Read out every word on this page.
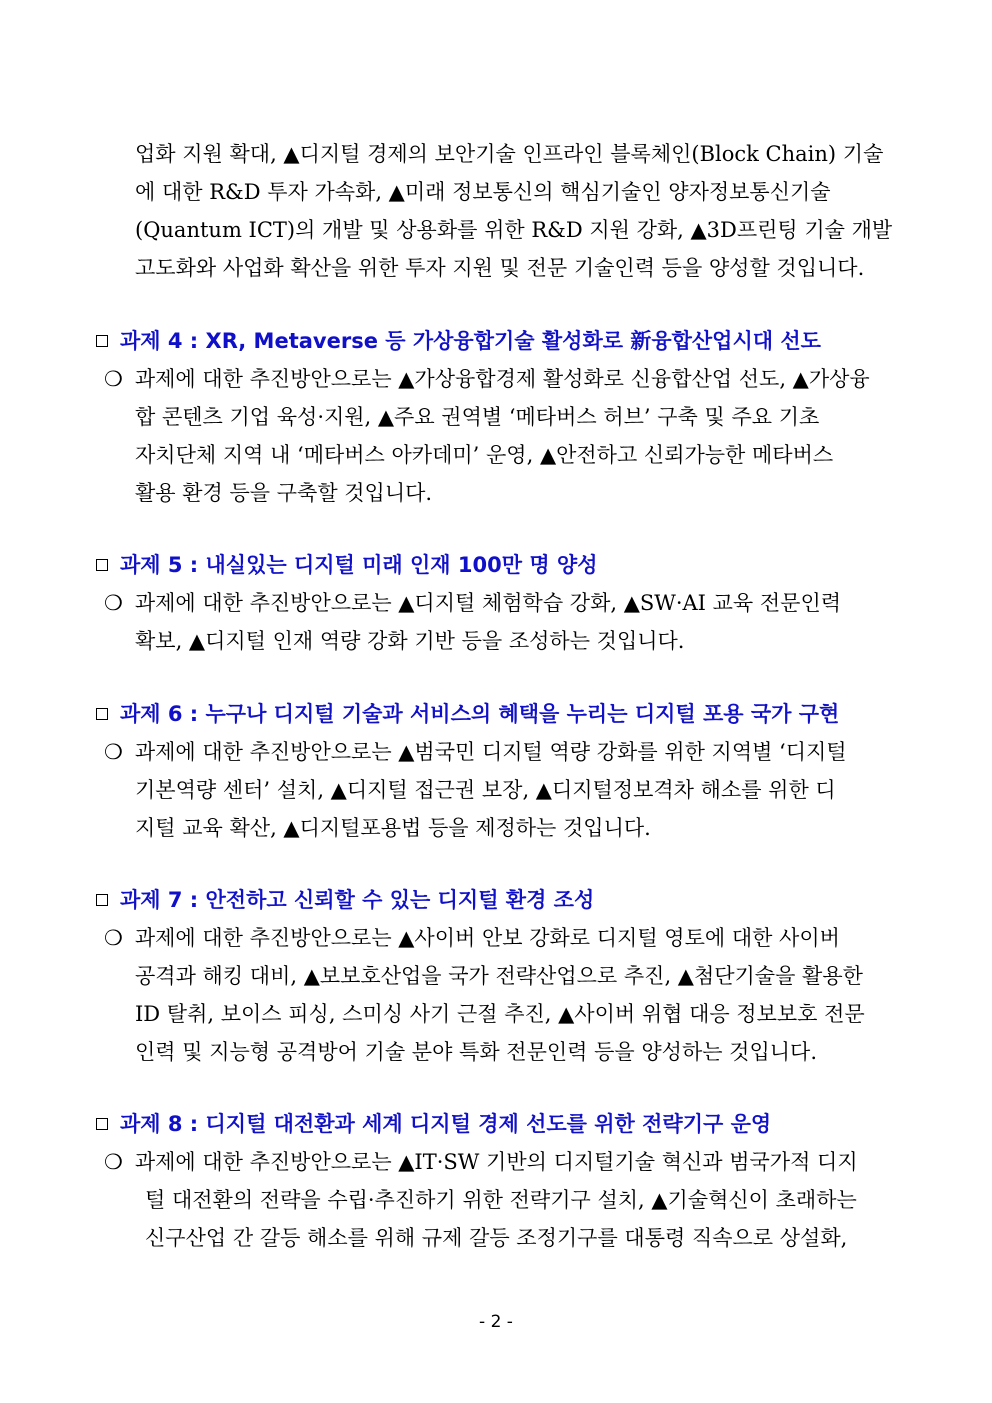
업화 지원 확대, ▲디지털 경제의 보안기술 인프라인 블록체인(Block Chain) 기술
에 대한 R&D 투자 가속화, ▲미래 정보통신의 핵심기술인 양자정보통신기술
(Quantum ICT)의 개발 및 상용화를 위한 R&D 지원 강화, ▲3D프린팅 기술 개발
고도화와 사업화 확산을 위한 투자 지원 및 전문 기술인력 등을 양성할 것입니다.
과제 4 : XR, Metaverse 등 가상융합기술 활성화로 新융합산업시대 선도
❍ 과제에 대한 추진방안으로는 ▲가상융합경제 활성화로 신융합산업 선도, ▲가상융
합 콘텐츠 기업 육성·지원, ▲주요 권역별 ‘메타버스 허브’ 구축 및 주요 기초
자치단체 지역 내 ‘메타버스 아카데미’ 운영, ▲안전하고 신뢰가능한 메타버스
활용 환경 등을 구축할 것입니다.
과제 5 : 내실있는 디지털 미래 인재 100만 명 양성
❍ 과제에 대한 추진방안으로는 ▲디지털 체험학습 강화, ▲SW·AI 교육 전문인력
확보, ▲디지털 인재 역량 강화 기반 등을 조성하는 것입니다.
과제 6 : 누구나 디지털 기술과 서비스의 혜택을 누리는 디지털 포용 국가 구현
❍ 과제에 대한 추진방안으로는 ▲범국민 디지털 역량 강화를 위한 지역별 ‘디지털
기본역량 센터’ 설치, ▲디지털 접근권 보장, ▲디지털정보격차 해소를 위한 디
지털 교육 확산, ▲디지털포용법 등을 제정하는 것입니다.
과제 7 : 안전하고 신뢰할 수 있는 디지털 환경 조성
❍ 과제에 대한 추진방안으로는 ▲사이버 안보 강화로 디지털 영토에 대한 사이버
공격과 해킹 대비, ▲보보호산업을 국가 전략산업으로 추진, ▲첨단기술을 활용한
ID 탈취, 보이스 피싱, 스미싱 사기 근절 추진, ▲사이버 위협 대응 정보보호 전문
인력 및 지능형 공격방어 기술 분야 특화 전문인력 등을 양성하는 것입니다.
과제 8 : 디지털 대전환과 세계 디지털 경제 선도를 위한 전략기구 운영
❍ 과제에 대한 추진방안으로는 ▲IT·SW 기반의 디지털기술 혁신과 범국가적 디지
털 대전환의 전략을 수립·추진하기 위한 전략기구 설치, ▲기술혁신이 초래하는
신구산업 간 갈등 해소를 위해 규제 갈등 조정기구를 대통령 직속으로 상설화,
- 2 -
